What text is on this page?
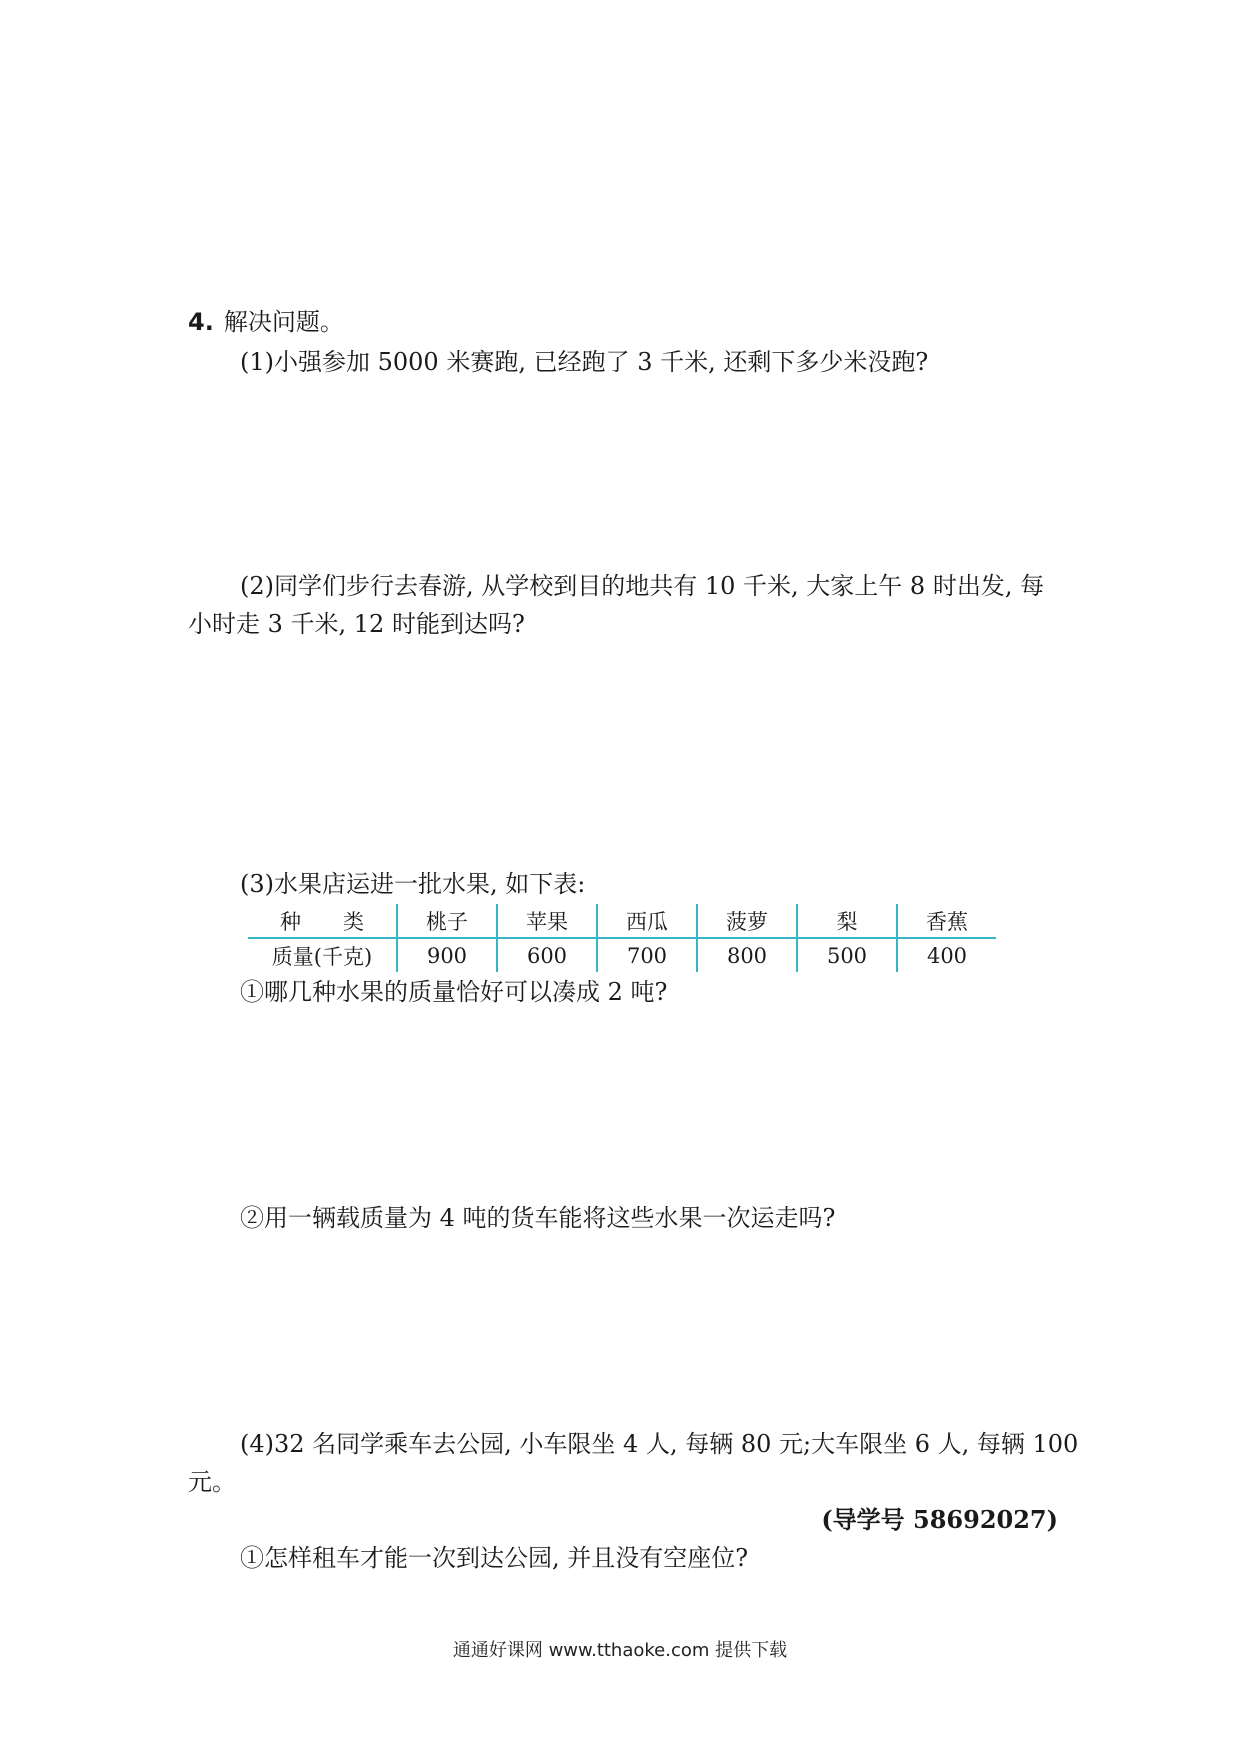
4. 解决问题。
(1)小强参加 5000 米赛跑, 已经跑了 3 千米, 还剩下多少米没跑?
(2)同学们步行去春游, 从学校到目的地共有 10 千米, 大家上午 8 时出发, 每
小时走 3 千米, 12 时能到达吗?
(3)水果店运进一批水果, 如下表:
种　　类	桃子	苹果	西瓜	菠萝	梨	香蕉
质量(千克)	900	600	700	800	500	400
①哪几种水果的质量恰好可以凑成 2 吨?
②用一辆载质量为 4 吨的货车能将这些水果一次运走吗?
(4)32 名同学乘车去公园, 小车限坐 4 人, 每辆 80 元;大车限坐 6 人, 每辆 100
元。
(导学号 58692027)
①怎样租车才能一次到达公园, 并且没有空座位?
通通好课网 www.tthaoke.com 提供下载
